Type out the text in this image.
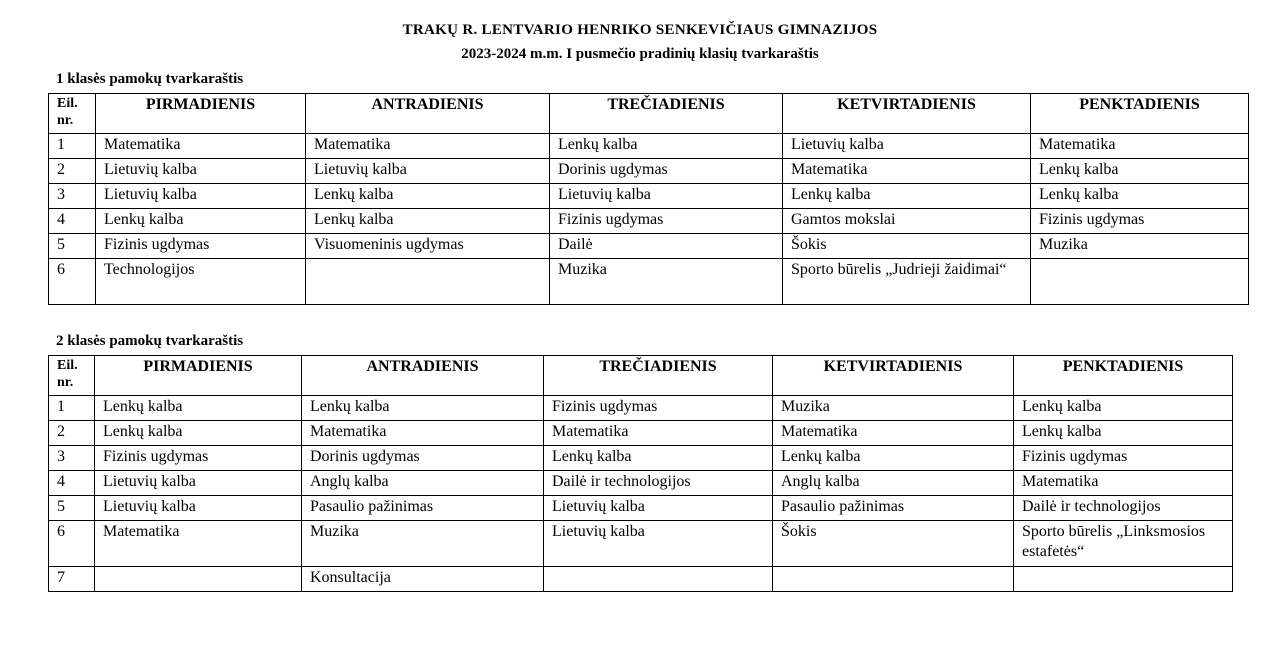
TRAKŲ R. LENTVARIO HENRIKO SENKEVIČIAUS GIMNAZIJOS
2023-2024 m.m. I pusmečio pradinių klasių tvarkaraštis
1 klasės pamokų tvarkaraštis
Eil. nr.	PIRMADIENIS	ANTRADIENIS	TREČIADIENIS	KETVIRTADIENIS	PENKTADIENIS
1	Matematika	Matematika	Lenkų kalba	Lietuvių kalba	Matematika
2	Lietuvių kalba	Lietuvių kalba	Dorinis ugdymas	Matematika	Lenkų kalba
3	Lietuvių kalba	Lenkų kalba	Lietuvių kalba	Lenkų kalba	Lenkų kalba
4	Lenkų kalba	Lenkų kalba	Fizinis ugdymas	Gamtos mokslai	Fizinis ugdymas
5	Fizinis ugdymas	Visuomeninis ugdymas	Dailė	Šokis	Muzika
6	Technologijos		Muzika	Sporto būrelis „Judrieji žaidimai“	
2 klasės pamokų tvarkaraštis
Eil. nr.	PIRMADIENIS	ANTRADIENIS	TREČIADIENIS	KETVIRTADIENIS	PENKTADIENIS
1	Lenkų kalba	Lenkų kalba	Fizinis ugdymas	Muzika	Lenkų kalba
2	Lenkų kalba	Matematika	Matematika	Matematika	Lenkų kalba
3	Fizinis ugdymas	Dorinis ugdymas	Lenkų kalba	Lenkų kalba	Fizinis ugdymas
4	Lietuvių kalba	Anglų kalba	Dailė ir technologijos	Anglų kalba	Matematika
5	Lietuvių kalba	Pasaulio pažinimas	Lietuvių kalba	Pasaulio pažinimas	Dailė ir technologijos
6	Matematika	Muzika	Lietuvių kalba	Šokis	Sporto būrelis „Linksmosios estafetės“
7		Konsultacija			
